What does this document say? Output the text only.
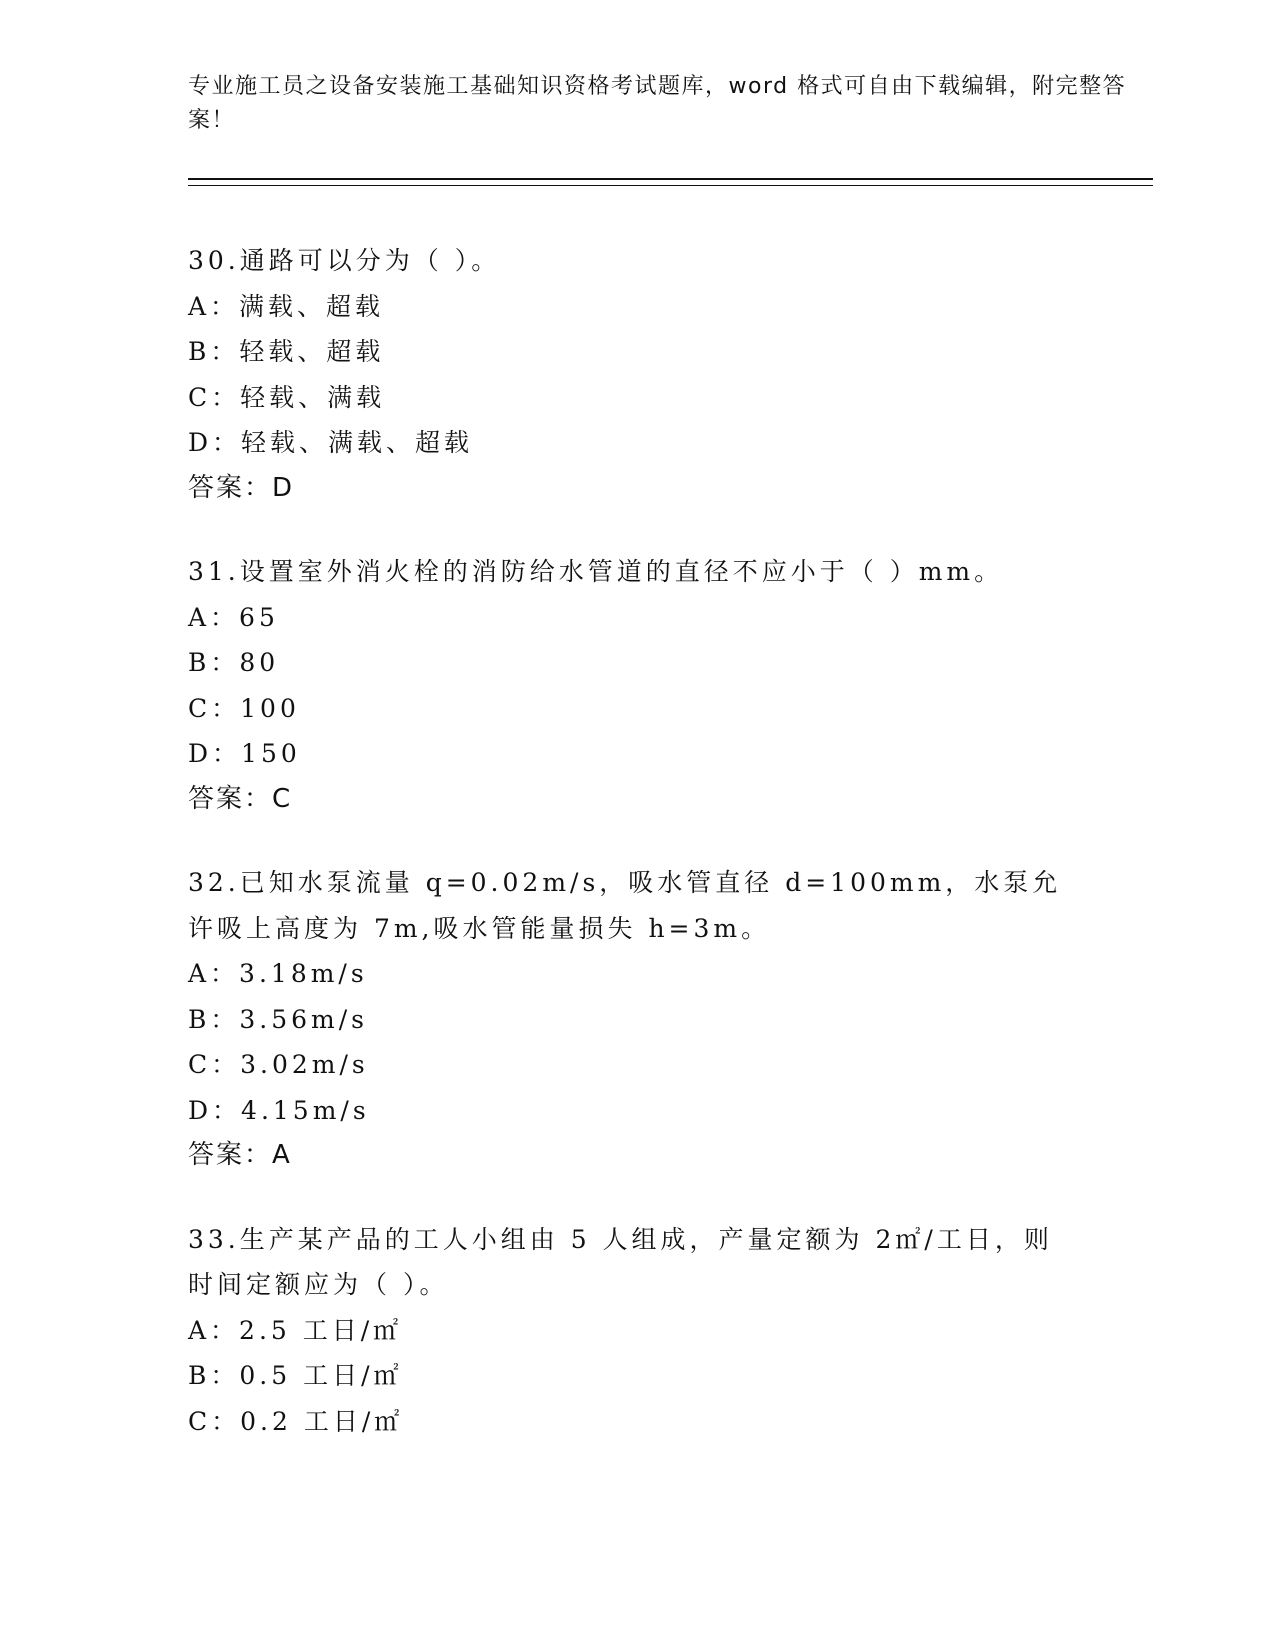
专业施工员之设备安装施工基础知识资格考试题库，word 格式可自由下载编辑，附完整答案！

30.通路可以分为（ ）。
A：满载、超载
B：轻载、超载
C：轻载、满载
D：轻载、满载、超载
答案：D
31.设置室外消火栓的消防给水管道的直径不应小于（ ）mm。
A：65
B：80
C：100
D：150
答案：C
32.已知水泵流量 q=0.02m/s，吸水管直径 d=100mm，水泵允许吸上高度为 7m,吸水管能量损失 h=3m。
A：3.18m/s
B：3.56m/s
C：3.02m/s
D：4.15m/s
答案：A
33.生产某产品的工人小组由 5 人组成，产量定额为 2㎡/工日，则时间定额应为（ ）。
A：2.5 工日/㎡
B：0.5 工日/㎡
C：0.2 工日/㎡
